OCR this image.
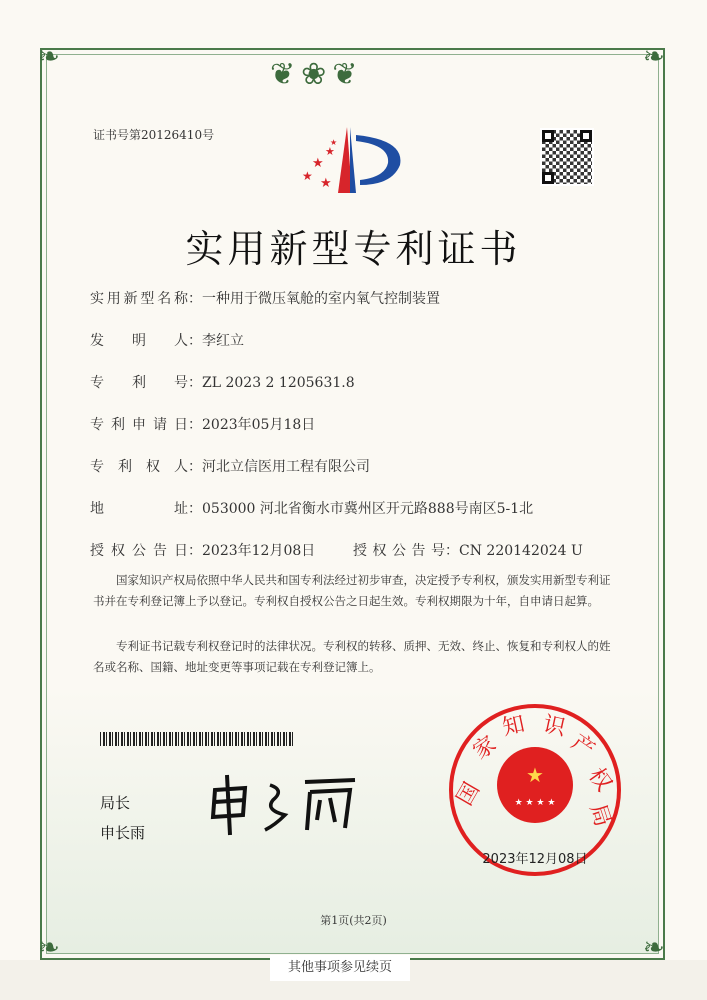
❦❀❦
❧	❧
❧	❧
证书号第20126410号
★
★
★
★ ★
实用新型专利证书
实用新型名称：一种用于微压氧舱的室内氧气控制装置
发明人：李红立
专利号：ZL 2023 2 1205631.8
专利申请日：2023年05月18日
专利权人：河北立信医用工程有限公司
地址：053000 河北省衡水市冀州区开元路888号南区5-1北
授权公告日：2023年12月08日	授权公告号：CN 220142024 U
国家知识产权局依照中华人民共和国专利法经过初步审查，决定授予专利权，颁发实用新型专利证书并在专利登记簿上予以登记。专利权自授权公告之日起生效。专利权期限为十年，自申请日起算。
专利证书记载专利权登记时的法律状况。专利权的转移、质押、无效、终止、恢复和专利权人的姓名或名称、国籍、地址变更等事项记载在专利登记簿上。
局长
申长雨
★
★ ★ ★ ★
国
家
知 识
产
权
局
2023年12月08日
第1页(共2页)
其他事项参见续页
